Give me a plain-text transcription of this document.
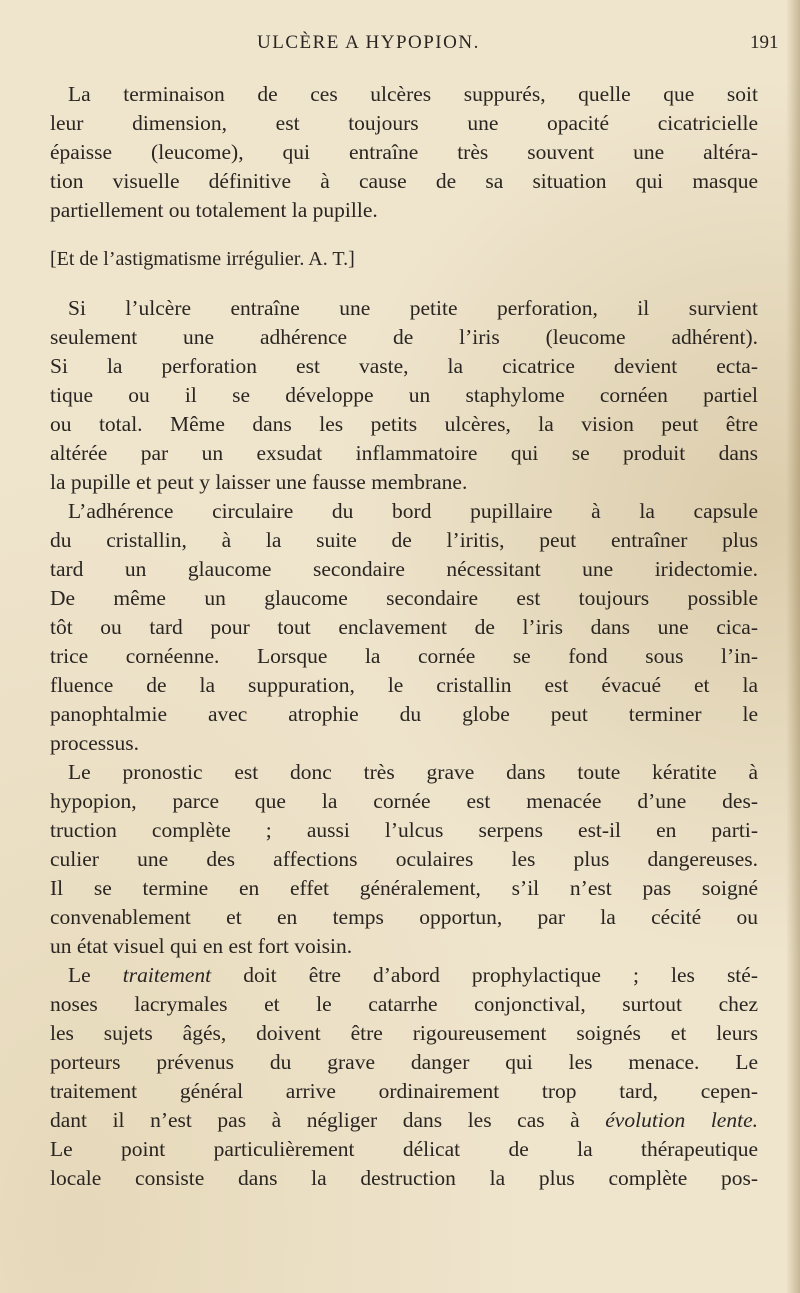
ULCÈRE A HYPOPION.	191
La terminaison de ces ulcères suppurés, quelle que soit
leur dimension, est toujours une opacité cicatricielle
épaisse (leucome), qui entraîne très souvent une altéra-
tion visuelle définitive à cause de sa situation qui masque
partiellement ou totalement la pupille.
[Et de l’astigmatisme irrégulier. A. T.]
Si l’ulcère entraîne une petite perforation, il survient
seulement une adhérence de l’iris (leucome adhérent).
Si la perforation est vaste, la cicatrice devient ecta-
tique ou il se développe un staphylome cornéen partiel
ou total. Même dans les petits ulcères, la vision peut être
altérée par un exsudat inflammatoire qui se produit dans
la pupille et peut y laisser une fausse membrane.
L’adhérence circulaire du bord pupillaire à la capsule
du cristallin, à la suite de l’iritis, peut entraîner plus
tard un glaucome secondaire nécessitant une iridectomie.
De même un glaucome secondaire est toujours possible
tôt ou tard pour tout enclavement de l’iris dans une cica-
trice cornéenne. Lorsque la cornée se fond sous l’in-
fluence de la suppuration, le cristallin est évacué et la
panophtalmie avec atrophie du globe peut terminer le
processus.
Le pronostic est donc très grave dans toute kératite à
hypopion, parce que la cornée est menacée d’une des-
truction complète ; aussi l’ulcus serpens est-il en parti-
culier une des affections oculaires les plus dangereuses.
Il se termine en effet généralement, s’il n’est pas soigné
convenablement et en temps opportun, par la cécité ou
un état visuel qui en est fort voisin.
Le traitement doit être d’abord prophylactique ; les sté-
noses lacrymales et le catarrhe conjonctival, surtout chez
les sujets âgés, doivent être rigoureusement soignés et leurs
porteurs prévenus du grave danger qui les menace. Le
traitement général arrive ordinairement trop tard, cepen-
dant il n’est pas à négliger dans les cas à évolution lente.
Le point particulièrement délicat de la thérapeutique
locale consiste dans la destruction la plus complète pos-
